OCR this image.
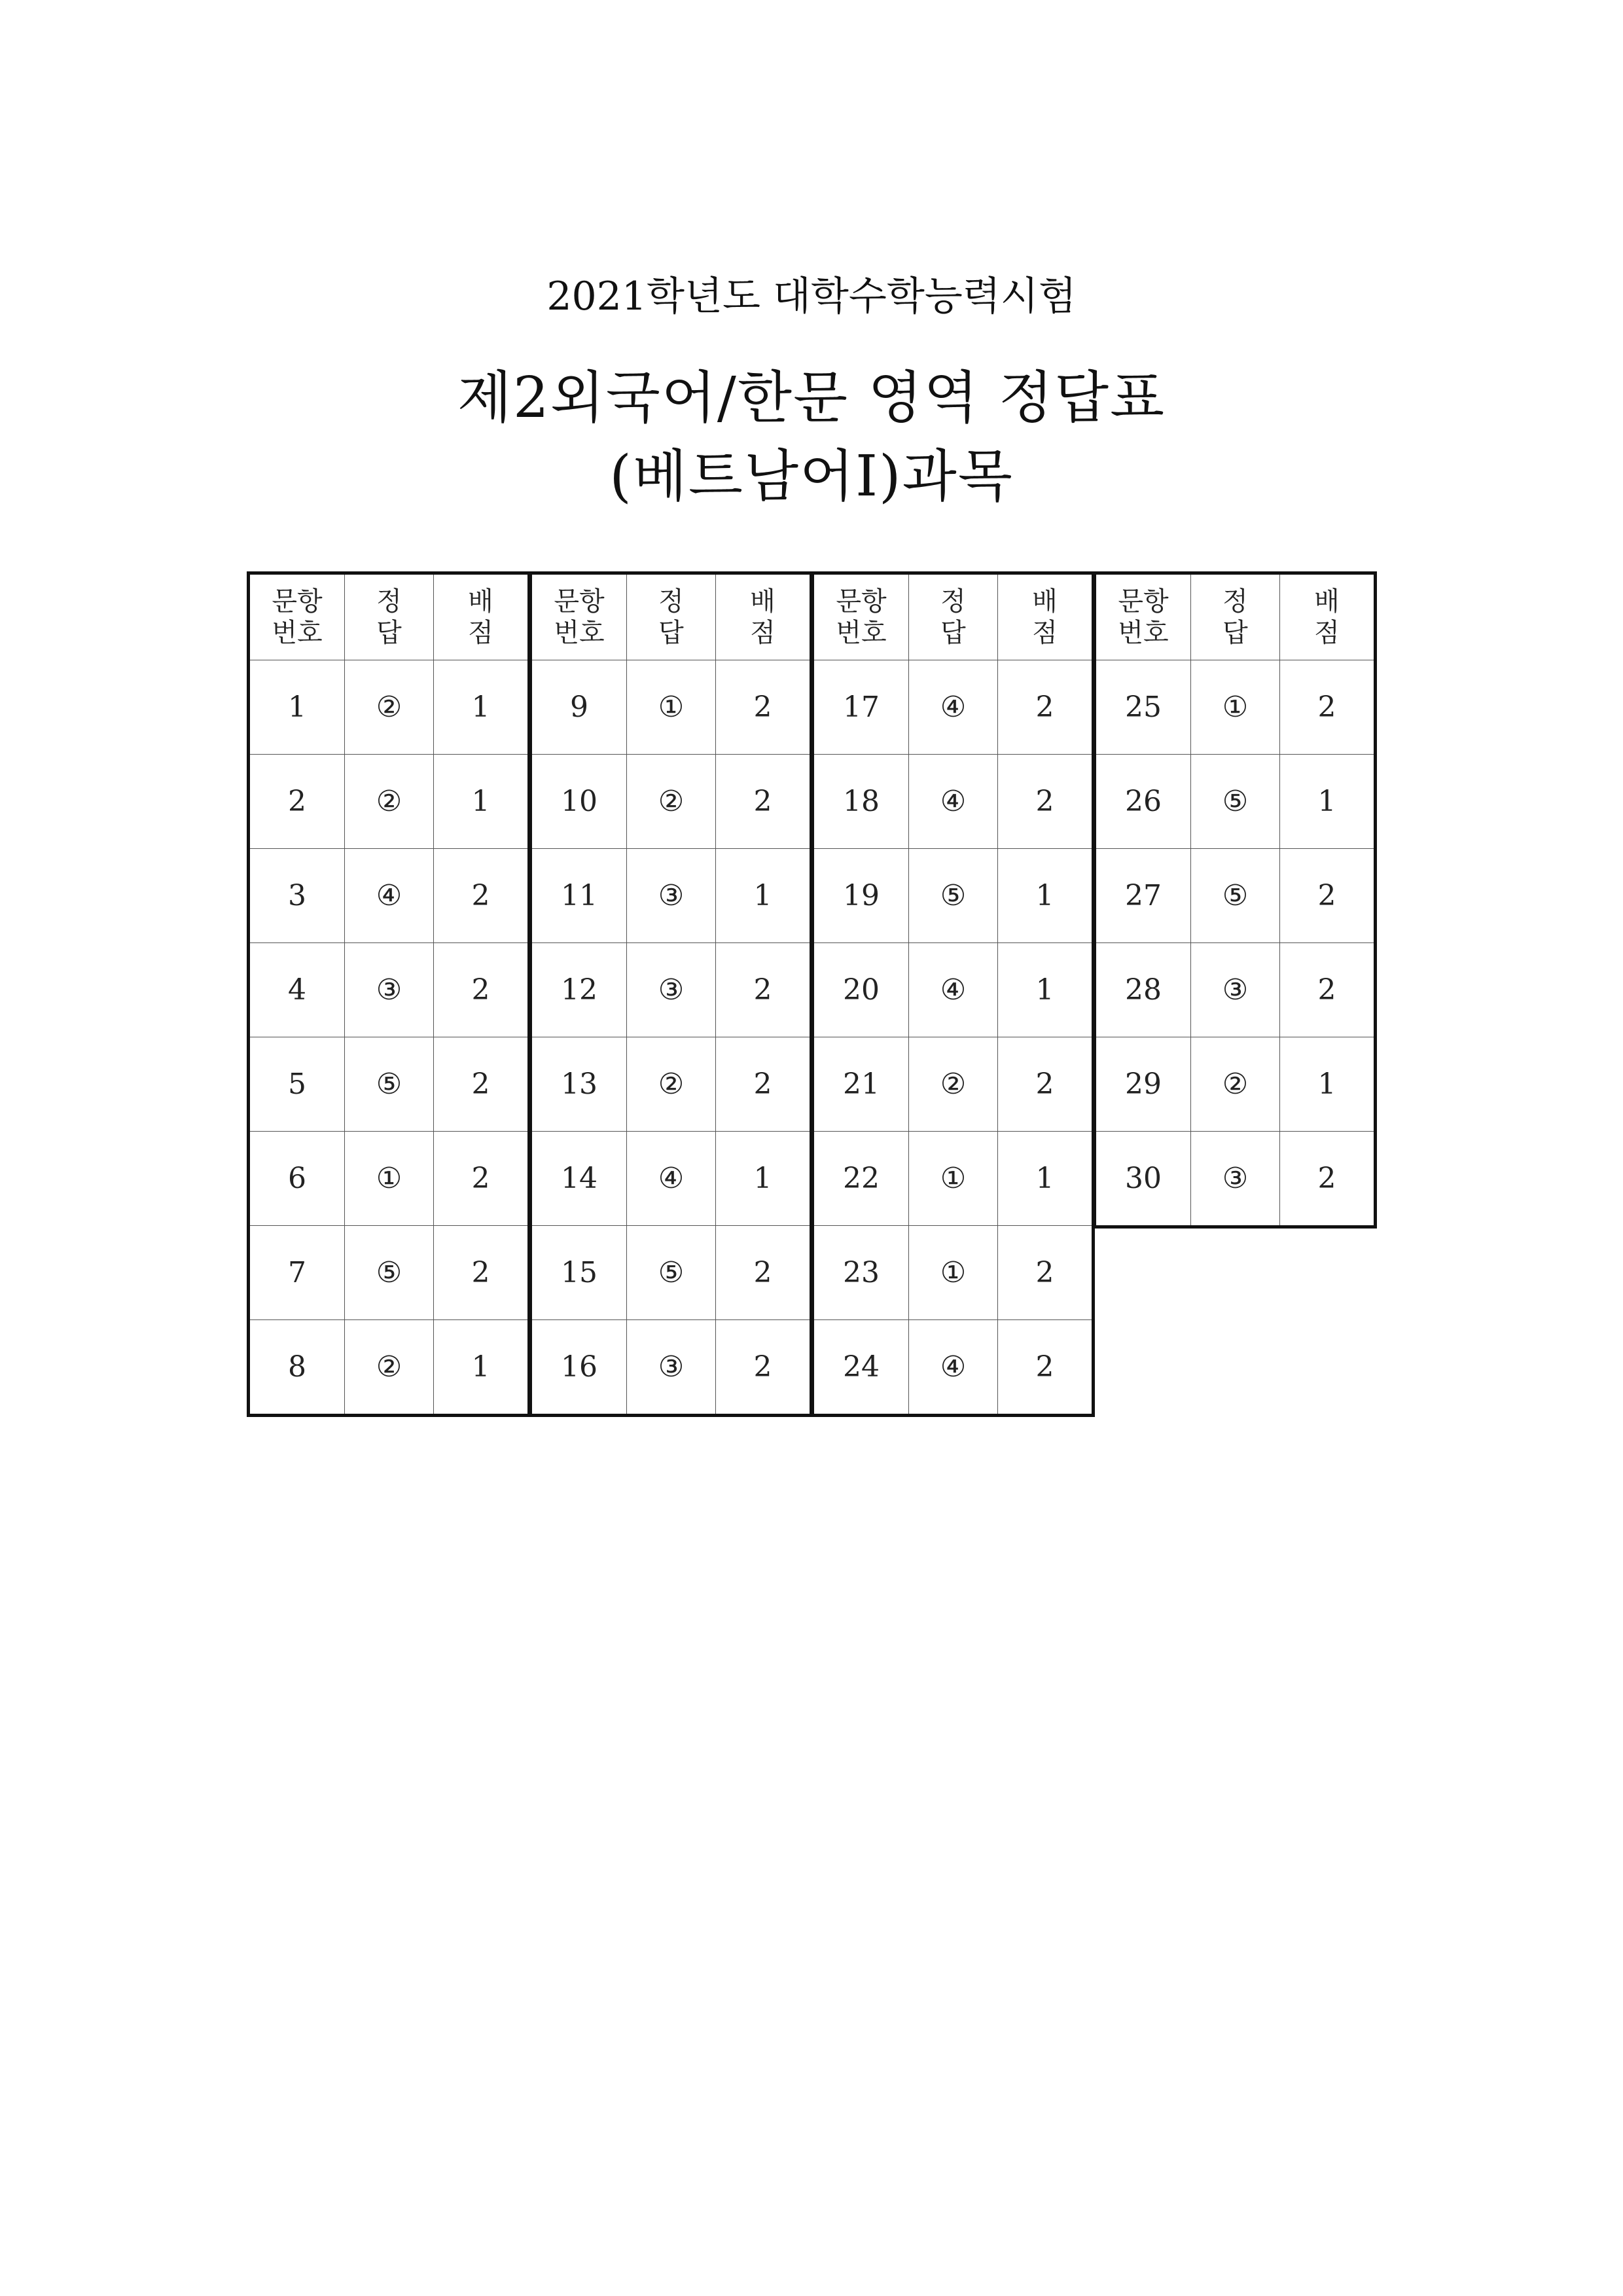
2021학년도 대학수학능력시험
제2외국어/한문 영역 정답표
(베트남어Ⅰ)과목
문항
번호	정답	배점
1	②	1
2	②	1
3	④	2
4	③	2
5	⑤	2
6	①	2
7	⑤	2
8	②	1
문항
번호	정답	배점
9	①	2
10	②	2
11	③	1
12	③	2
13	②	2
14	④	1
15	⑤	2
16	③	2
문항
번호	정답	배점
17	④	2
18	④	2
19	⑤	1
20	④	1
21	②	2
22	①	1
23	①	2
24	④	2
문항
번호	정답	배점
25	①	2
26	⑤	1
27	⑤	2
28	③	2
29	②	1
30	③	2
